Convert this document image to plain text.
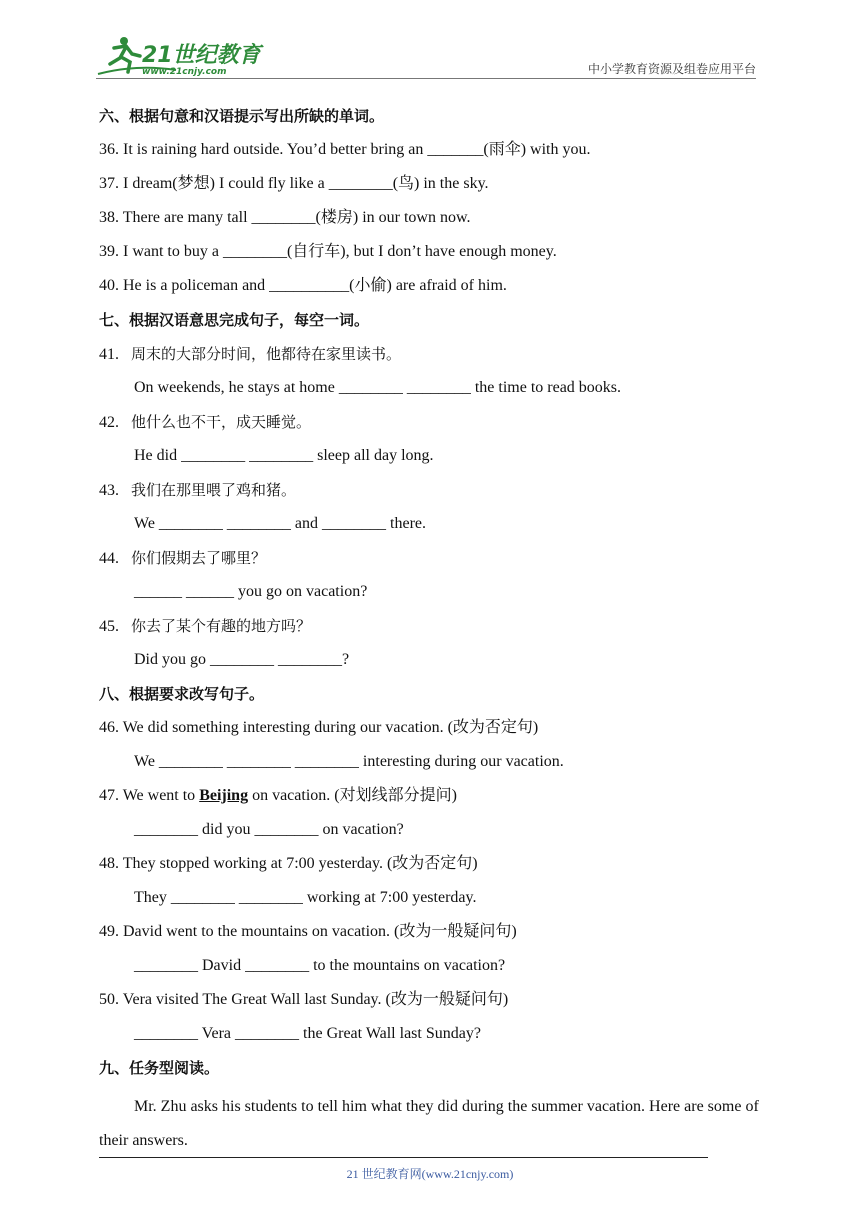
21世纪教育
www.21cnjy.com	中小学教育资源及组卷应用平台
六、根据句意和汉语提示写出所缺的单词。
36. It is raining hard outside. You’d better bring an _______(雨伞) with you.
37. I dream(梦想) I could fly like a ________(鸟) in the sky.
38. There are many tall ________(楼房) in our town now.
39. I want to buy a ________(自行车), but I don’t have enough money.
40. He is a policeman and __________(小偷) are afraid of him.
七、根据汉语意思完成句子，每空一词。
41. 周末的大部分时间，他都待在家里读书。
On weekends, he stays at home ________ ________ the time to read books.
42. 他什么也不干，成天睡觉。
He did ________ ________ sleep all day long.
43. 我们在那里喂了鸡和猪。
We ________ ________ and ________ there.
44. 你们假期去了哪里？
______ ______ you go on vacation?
45. 你去了某个有趣的地方吗？
Did you go ________ ________?
八、根据要求改写句子。
46. We did something interesting during our vacation. (改为否定句)
We ________ ________ ________ interesting during our vacation.
47. We went to Beijing on vacation. (对划线部分提问)
________ did you ________ on vacation?
48. They stopped working at 7:00 yesterday. (改为否定句)
They ________ ________ working at 7:00 yesterday.
49. David went to the mountains on vacation. (改为一般疑问句)
________ David ________ to the mountains on vacation?
50. Vera visited The Great Wall last Sunday. (改为一般疑问句)
________ Vera ________ the Great Wall last Sunday?
九、任务型阅读。

Mr. Zhu asks his students to tell him what they did during the summer vacation. Here are some of their answers.

21 世纪教育网(www.21cnjy.com)
